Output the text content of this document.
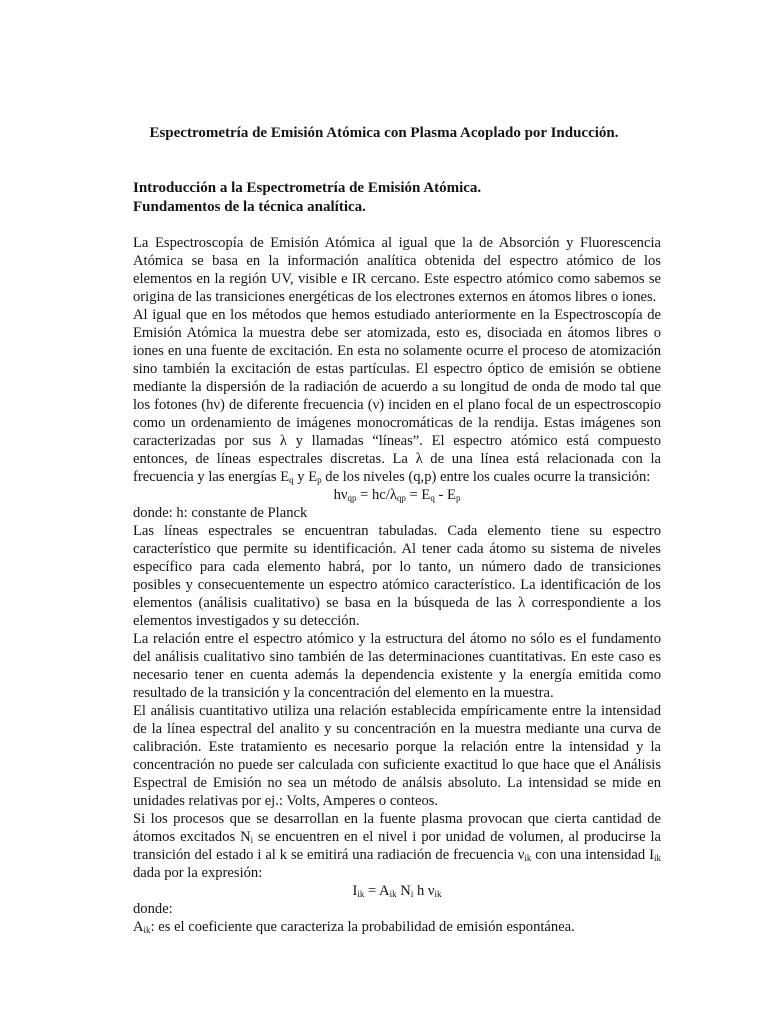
Espectrometría de Emisión Atómica con Plasma Acoplado por Inducción.
Introducción a la Espectrometría de Emisión Atómica.
Fundamentos de la técnica analítica.

La Espectroscopía de Emisión Atómica al igual que la de Absorción y Fluorescencia Atómica se basa en la información analítica obtenida del espectro atómico de los elementos en la región UV, visible e IR cercano. Este espectro atómico como sabemos se origina de las transiciones energéticas de los electrones externos en átomos libres o iones.

Al igual que en los métodos que hemos estudiado anteriormente en la Espectroscopía de Emisión Atómica la muestra debe ser atomizada, esto es, disociada en átomos libres o iones en una fuente de excitación. En esta no solamente ocurre el proceso de atomización sino también la excitación de estas partículas. El espectro óptico de emisión se obtiene mediante la dispersión de la radiación de acuerdo a su longitud de onda de modo tal que los fotones (hν) de diferente frecuencia (ν) inciden en el plano focal de un espectroscopio como un ordenamiento de imágenes monocromáticas de la rendija. Estas imágenes son caracterizadas por sus λ y llamadas “líneas”. El espectro atómico está compuesto entonces, de líneas espectrales discretas. La λ de una línea está relacionada con la frecuencia y las energías $E_q$ y $E_p$ de los niveles (q,p) entre los cuales ocurre la transición:

$h\nu_{qp} = hc/\lambda_{qp} = E_q - E_p$

donde: h: constante de Planck

Las líneas espectrales se encuentran tabuladas. Cada elemento tiene su espectro característico que permite su identificación. Al tener cada átomo su sistema de niveles específico para cada elemento habrá, por lo tanto, un número dado de transiciones posibles y consecuentemente un espectro atómico característico. La identificación de los elementos (análisis cualitativo) se basa en la búsqueda de las λ correspondiente a los elementos investigados y su detección.

La relación entre el espectro atómico y la estructura del átomo no sólo es el fundamento del análisis cualitativo sino también de las determinaciones cuantitativas. En este caso es necesario tener en cuenta además la dependencia existente y la energía emitida como resultado de la transición y la concentración del elemento en la muestra.

El análisis cuantitativo utiliza una relación establecida empíricamente entre la intensidad de la línea espectral del analito y su concentración en la muestra mediante una curva de calibración. Este tratamiento es necesario porque la relación entre la intensidad y la concentración no puede ser calculada con suficiente exactitud lo que hace que el Análisis Espectral de Emisión no sea un método de análsis absoluto. La intensidad se mide en unidades relativas por ej.: Volts, Amperes o conteos.

Si los procesos que se desarrollan en la fuente plasma provocan que cierta cantidad de átomos excitados $N_i$ se encuentren en el nivel i por unidad de volumen, al producirse la transición del estado i al k se emitirá una radiación de frecuencia $\nu_{ik}$ con una intensidad $I_{ik}$ dada por la expresión:

$I_{ik} = A_{ik}$ $N_i$ h $\nu_{ik}$

donde:

$A_{ik}$: es el coeficiente que caracteriza la probabilidad de emisión espontánea.
